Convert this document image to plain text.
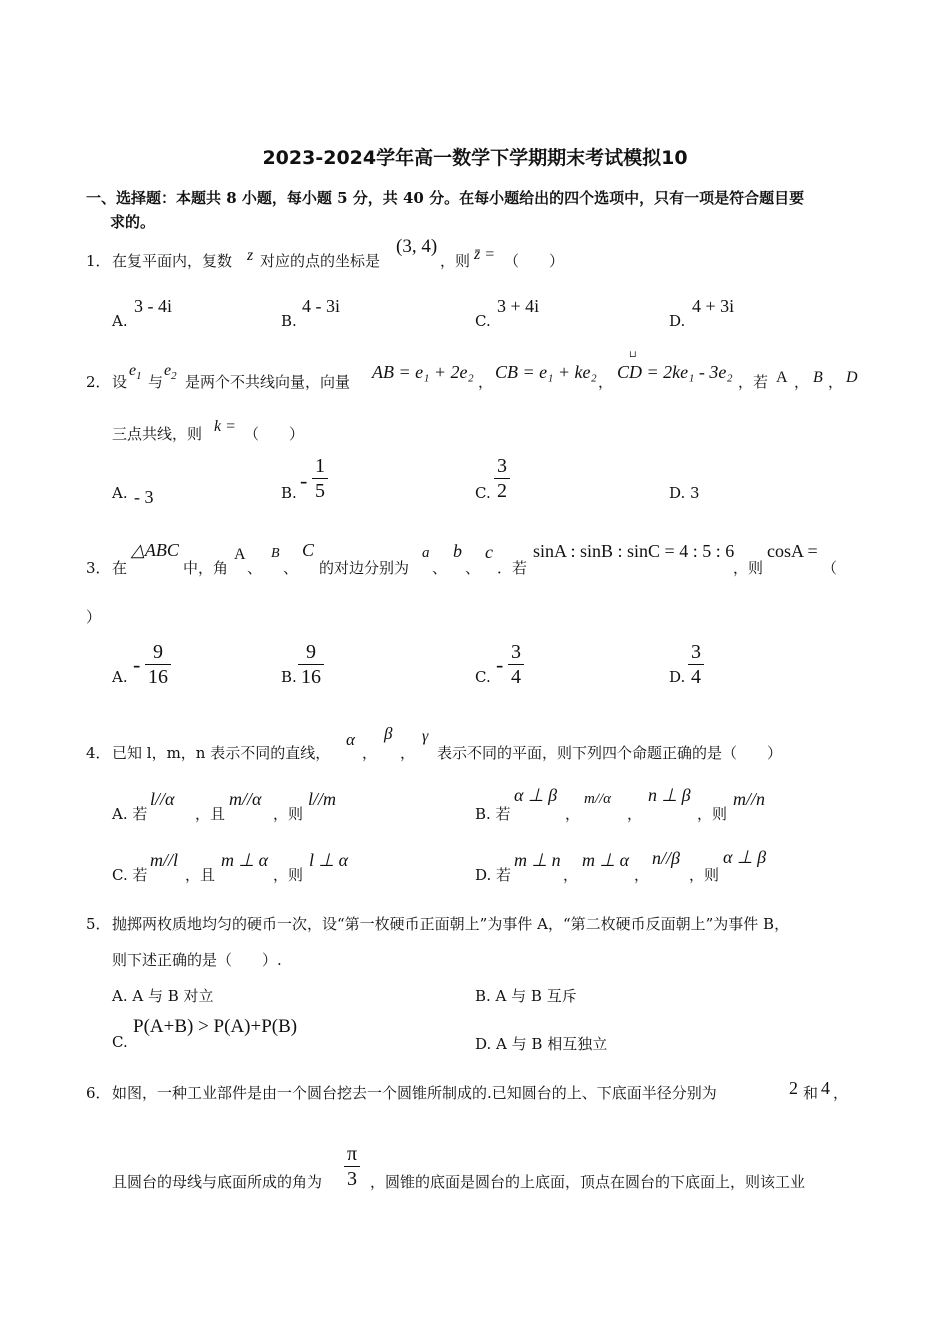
2023-2024学年高一数学下学期期末考试模拟10
一、选择题：本题共 8 小题，每小题 5 分，共 40 分。在每小题给出的四个选项中，只有一项是符合题目要
求的。
1． 在复平面内，复数 z 对应的点的坐标是
(3, 4)
，则 z̄ = （　　）
A.
3 - 4i
B.
4 - 3i
C.
3 + 4i
D.
4 + 3i
2． 设
$e_1$ 与
$e_2$ 是两个不共线向量，向量 AB = e₁ + 2e₂ ， CB = e₁ + ke₂ ，
⊔
CD = 2ke₁ - 3e₂ ，若 A ， B ， D
三点共线，则 k = （　　）
A. - 3	B. -
1
5	C.
3
2	D. 3
3． 在
△ABC
中，角
A
、
B
、
C
的对边分别为
a
、
b
、
c
．若
sinA : sinB : sinC = 4 : 5 : 6
，则
cosA =
（
）
A. - 9
16	B.
9
16	C. - 3
4	D.
3
4
4． 已知 l，m，n 表示不同的直线，
α
，
β
，
γ
表示不同的平面，则下列四个命题正确的是（　　）
A. 若
l//α
，且
m//α
，则
l//m
B. 若
α ⊥ β
，
m//α
，
n ⊥ β
，则
m//n
C. 若
m//l
，且
m ⊥ α
，则
l ⊥ α
D. 若
m ⊥ n
，
m ⊥ α
，
n//β
，则
α ⊥ β
5． 抛掷两枚质地均匀的硬币一次，设“第一枚硬币正面朝上”为事件 A，“第二枚硬币反面朝上”为事件 B，
则下述正确的是（　　）.
A. A 与 B 对立	B. A 与 B 互斥
C.
P(A+B) > P(A)+P(B)
D. A 与 B 相互独立
6． 如图，一种工业部件是由一个圆台挖去一个圆锥所制成的.已知圆台的上、下底面半径分别为	2 和 4 ，
且圆台的母线与底面所成的角为
π
3 ，圆锥的底面是圆台的上底面，顶点在圆台的下底面上，则该工业
